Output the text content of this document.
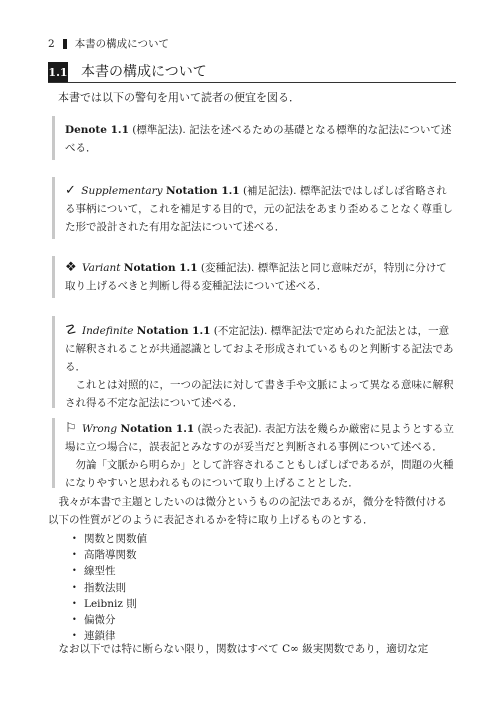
2 本書の構成について
1.1 本書の構成について
本書では以下の警句を用いて読者の便宜を図る．

Denote 1.1 (標準記法). 記法を述べるための基礎となる標準的な記法について述べる．

✓ Supplementary Notation 1.1 (補足記法). 標準記法ではしばしば省略される事柄について，これを補足する目的で，元の記法をあまり歪めることなく尊重した形で設計された有用な記法について述べる．

❖ Variant Notation 1.1 (変種記法). 標準記法と同じ意味だが，特別に分けて取り上げるべきと判断し得る変種記法について述べる．

☡ Indefinite Notation 1.1 (不定記法). 標準記法で定められた記法とは，一意に解釈されることが共通認識としておよそ形成されているものと判断する記法である．

これとは対照的に，一つの記法に対して書き手や文脈によって異なる意味に解釈され得る不定な記法について述べる．

⚐ Wrong Notation 1.1 (誤った表記). 表記方法を幾らか厳密に見ようとする立場に立つ場合に，誤表記とみなすのが妥当だと判断される事例について述べる．

勿論「文脈から明らか」として許容されることもしばしばであるが，問題の火種になりやすいと思われるものについて取り上げることとした．

我々が本書で主題としたいのは微分というものの記法であるが，微分を特徴付ける以下の性質がどのように表記されるかを特に取り上げるものとする．

• 関数と関数値
• 高階導関数
• 線型性
• 指数法則
• Leibniz 則
• 偏微分
• 連鎖律

なお以下では特に断らない限り，関数はすべて C∞ 級実関数であり，適切な定
